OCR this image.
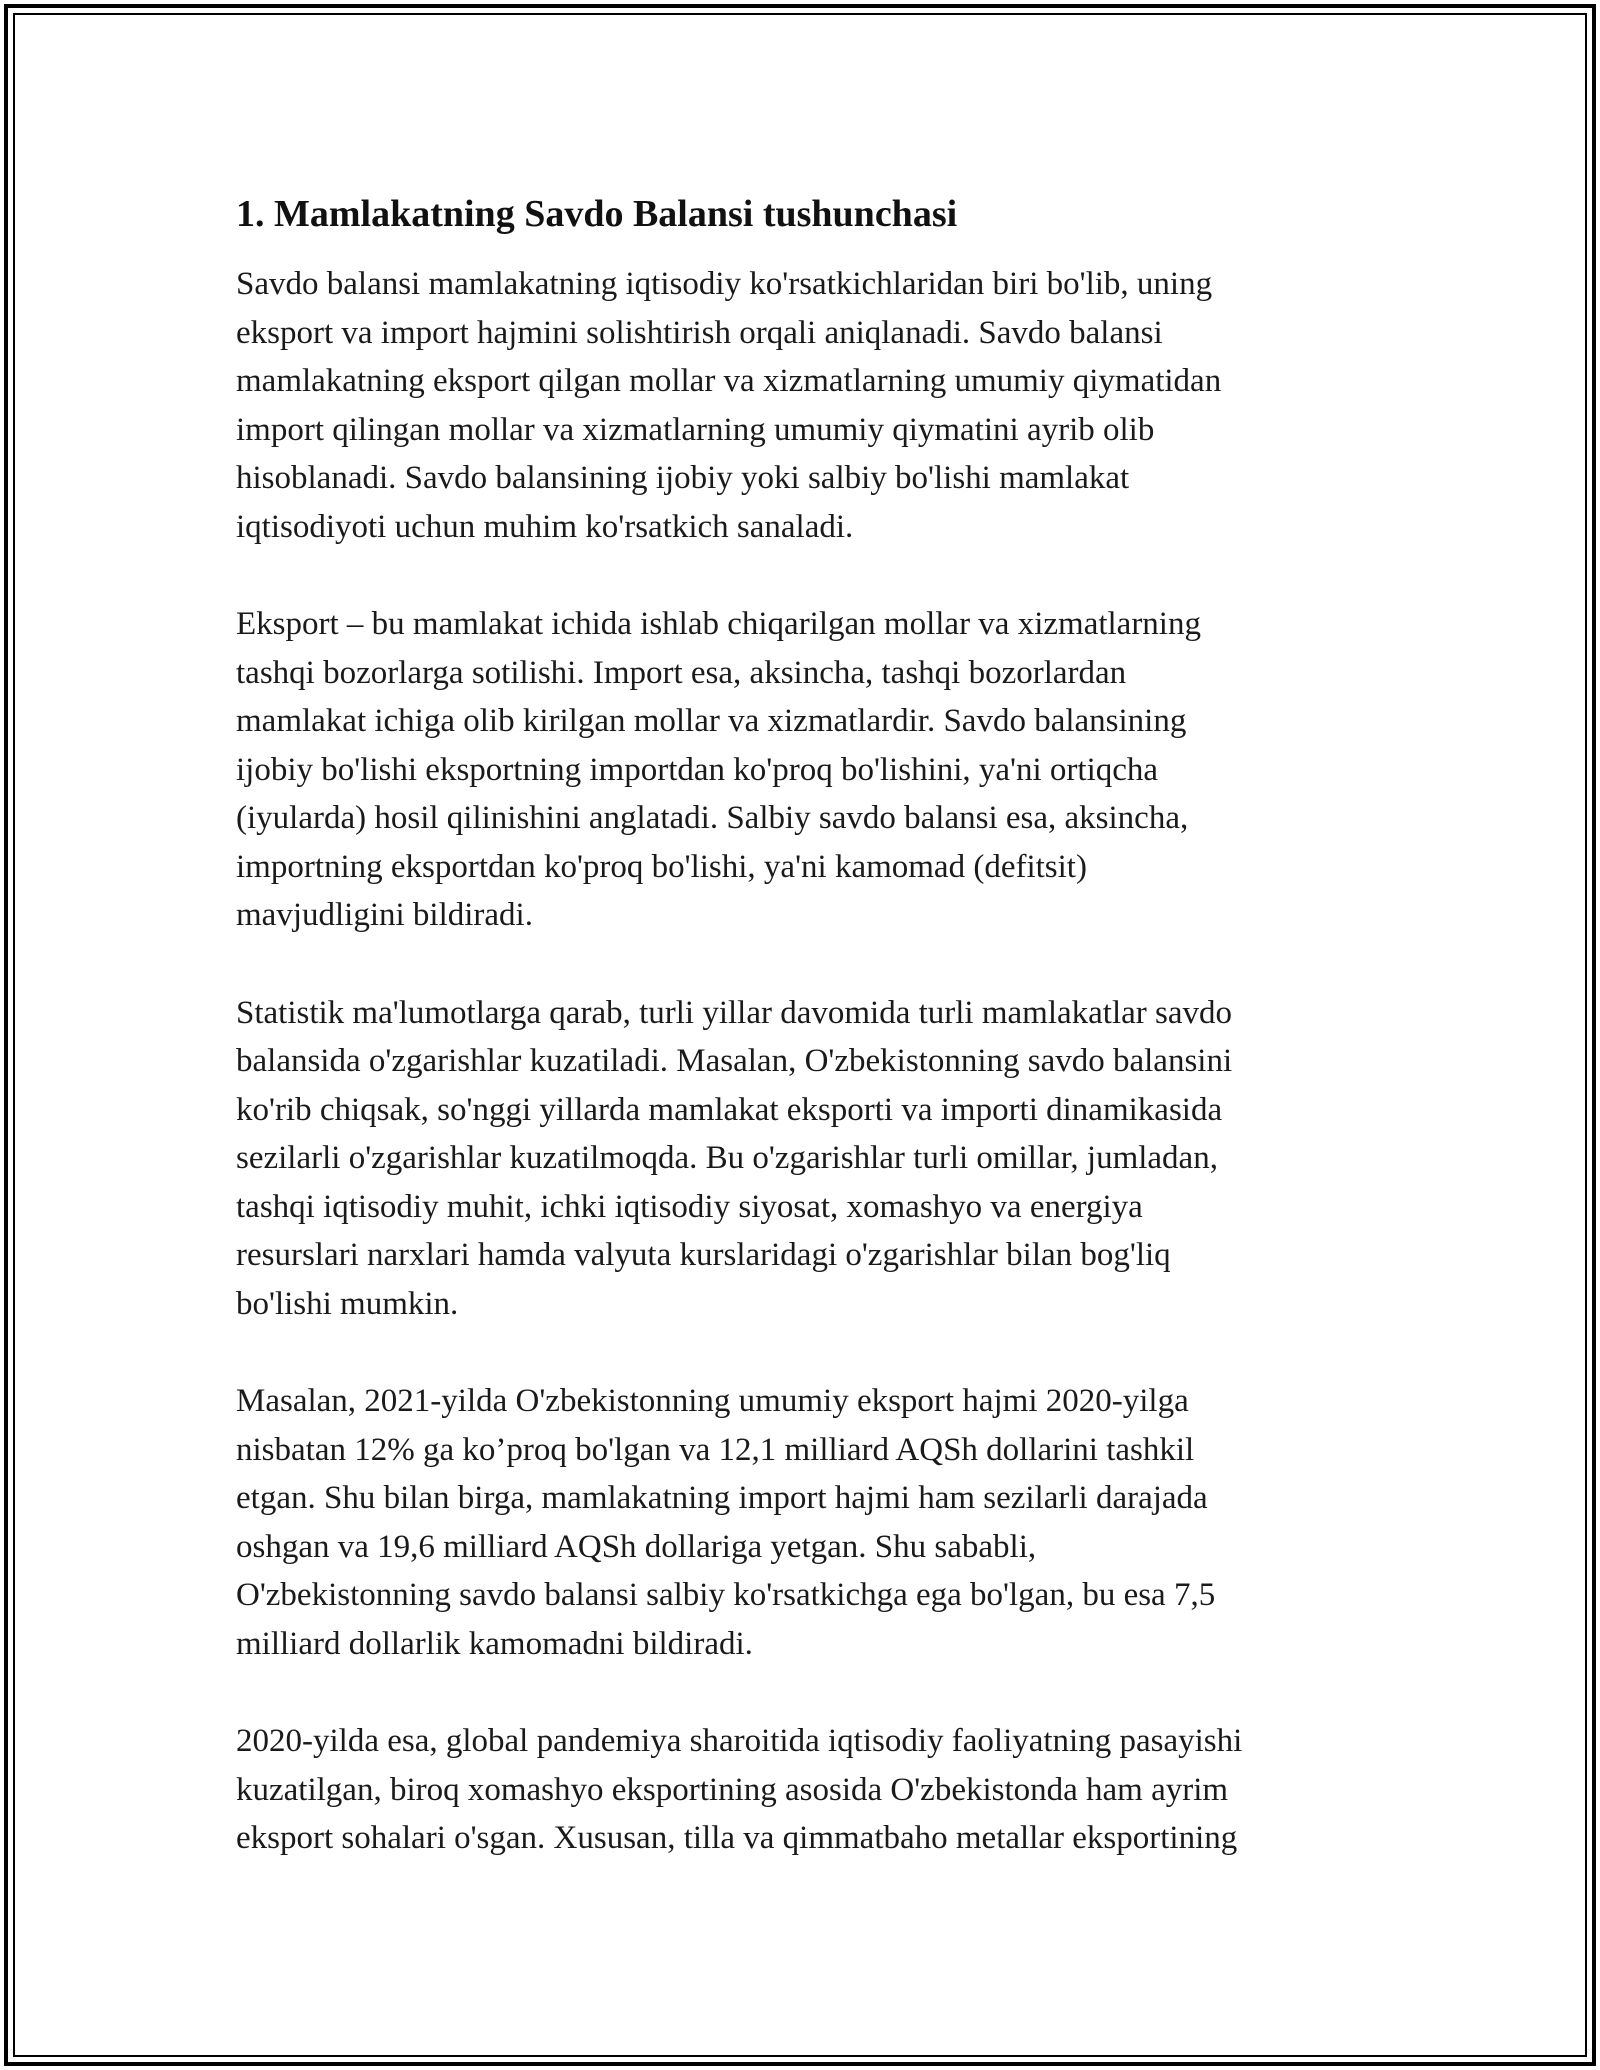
1. Mamlakatning Savdo Balansi tushunchasi
Savdo balansi mamlakatning iqtisodiy ko'rsatkichlaridan biri bo'lib, uning
eksport va import hajmini solishtirish orqali aniqlanadi. Savdo balansi
mamlakatning eksport qilgan mollar va xizmatlarning umumiy qiymatidan
import qilingan mollar va xizmatlarning umumiy qiymatini ayrib olib
hisoblanadi. Savdo balansining ijobiy yoki salbiy bo'lishi mamlakat
iqtisodiyoti uchun muhim ko'rsatkich sanaladi.
Eksport – bu mamlakat ichida ishlab chiqarilgan mollar va xizmatlarning
tashqi bozorlarga sotilishi. Import esa, aksincha, tashqi bozorlardan
mamlakat ichiga olib kirilgan mollar va xizmatlardir. Savdo balansining
ijobiy bo'lishi eksportning importdan ko'proq bo'lishini, ya'ni ortiqcha
(iyularda) hosil qilinishini anglatadi. Salbiy savdo balansi esa, aksincha,
importning eksportdan ko'proq bo'lishi, ya'ni kamomad (defitsit)
mavjudligini bildiradi.
Statistik ma'lumotlarga qarab, turli yillar davomida turli mamlakatlar savdo
balansida o'zgarishlar kuzatiladi. Masalan, O'zbekistonning savdo balansini
ko'rib chiqsak, so'nggi yillarda mamlakat eksporti va importi dinamikasida
sezilarli o'zgarishlar kuzatilmoqda. Bu o'zgarishlar turli omillar, jumladan,
tashqi iqtisodiy muhit, ichki iqtisodiy siyosat, xomashyo va energiya
resurslari narxlari hamda valyuta kurslaridagi o'zgarishlar bilan bog'liq
bo'lishi mumkin.
Masalan, 2021-yilda O'zbekistonning umumiy eksport hajmi 2020-yilga
nisbatan 12% ga ko’proq bo'lgan va 12,1 milliard AQSh dollarini tashkil
etgan. Shu bilan birga, mamlakatning import hajmi ham sezilarli darajada
oshgan va 19,6 milliard AQSh dollariga yetgan. Shu sababli,
O'zbekistonning savdo balansi salbiy ko'rsatkichga ega bo'lgan, bu esa 7,5
milliard dollarlik kamomadni bildiradi.
2020-yilda esa, global pandemiya sharoitida iqtisodiy faoliyatning pasayishi
kuzatilgan, biroq xomashyo eksportining asosida O'zbekistonda ham ayrim
eksport sohalari o'sgan. Xususan, tilla va qimmatbaho metallar eksportining
